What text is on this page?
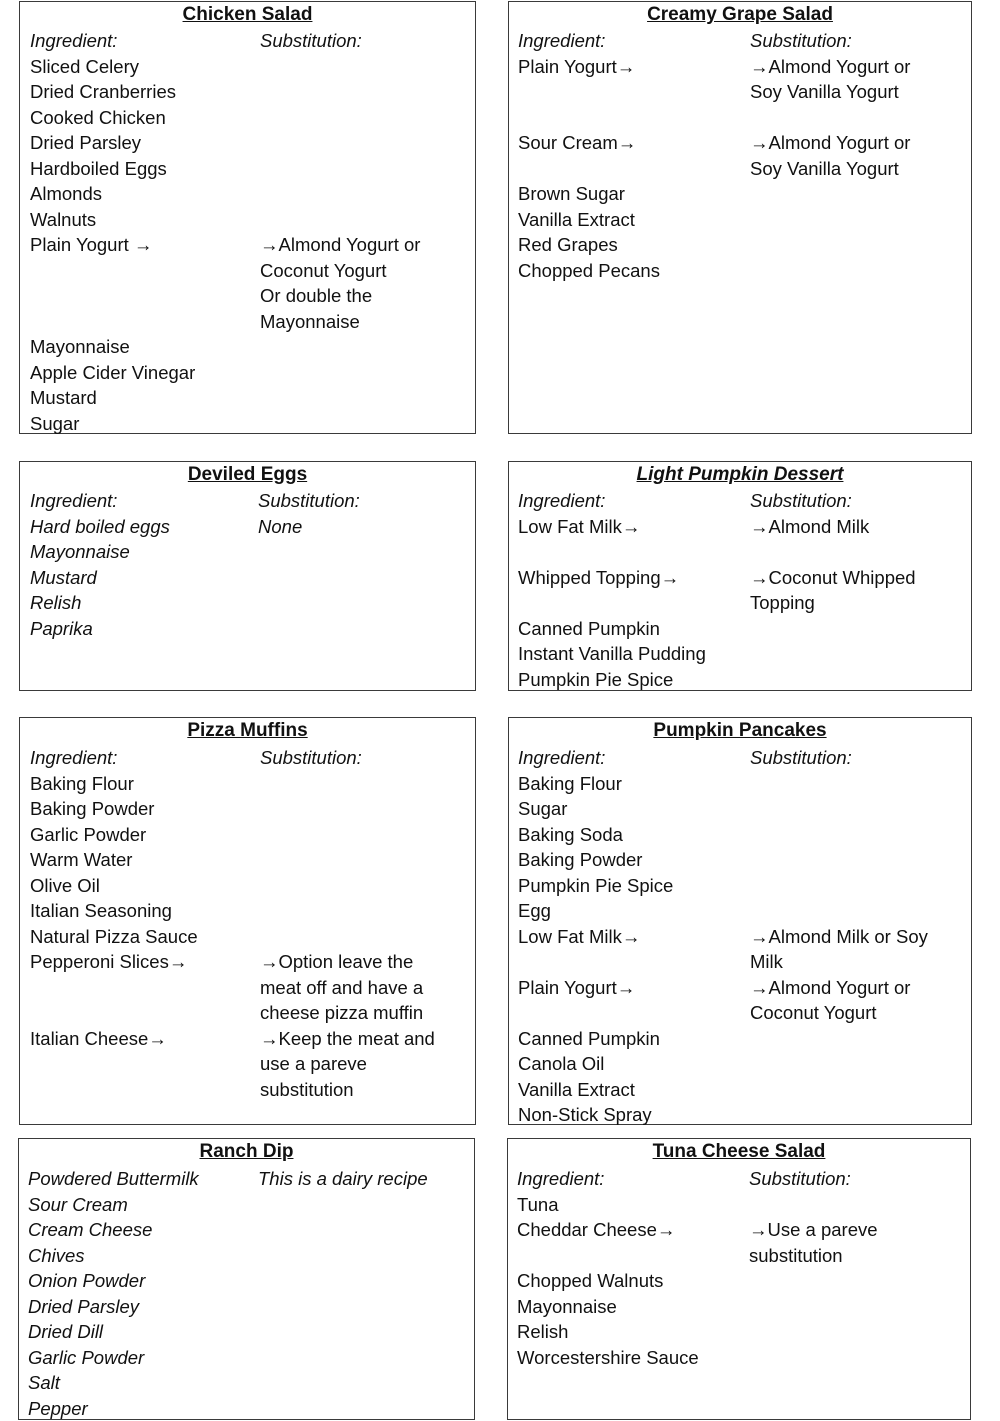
Chicken Salad
Ingredient:	Substitution:
Sliced Celery
Dried Cranberries
Cooked Chicken
Dried Parsley
Hardboiled Eggs
Almonds
Walnuts
Plain Yogurt →	→Almond Yogurt or
Coconut Yogurt
Or double the
Mayonnaise
Mayonnaise
Apple Cider Vinegar
Mustard
Sugar
Creamy Grape Salad
Ingredient:	Substitution:
Plain Yogurt→	→Almond Yogurt or
Soy Vanilla Yogurt
Sour Cream→	→Almond Yogurt or
Soy Vanilla Yogurt
Brown Sugar
Vanilla Extract
Red Grapes
Chopped Pecans
Deviled Eggs
Ingredient:	Substitution:
Hard boiled eggs	None
Mayonnaise
Mustard
Relish
Paprika
Light Pumpkin Dessert
Ingredient:	Substitution:
Low Fat Milk→	→Almond Milk
Whipped Topping→	→Coconut Whipped
Topping
Canned Pumpkin
Instant Vanilla Pudding
Pumpkin Pie Spice
Pizza Muffins
Ingredient:	Substitution:
Baking Flour
Baking Powder
Garlic Powder
Warm Water
Olive Oil
Italian Seasoning
Natural Pizza Sauce
Pepperoni Slices→	→Option leave the
meat off and have a
cheese pizza muffin
Italian Cheese→	→Keep the meat and
use a pareve
substitution
Pumpkin Pancakes
Ingredient:	Substitution:
Baking Flour
Sugar
Baking Soda
Baking Powder
Pumpkin Pie Spice
Egg
Low Fat Milk→	→Almond Milk or Soy
Milk
Plain Yogurt→	→Almond Yogurt or
Coconut Yogurt
Canned Pumpkin
Canola Oil
Vanilla Extract
Non-Stick Spray
Ranch Dip
Powdered Buttermilk	This is a dairy recipe
Sour Cream
Cream Cheese
Chives
Onion Powder
Dried Parsley
Dried Dill
Garlic Powder
Salt
Pepper
Tuna Cheese Salad
Ingredient:	Substitution:
Tuna
Cheddar Cheese→	→Use a pareve
substitution
Chopped Walnuts
Mayonnaise
Relish
Worcestershire Sauce
